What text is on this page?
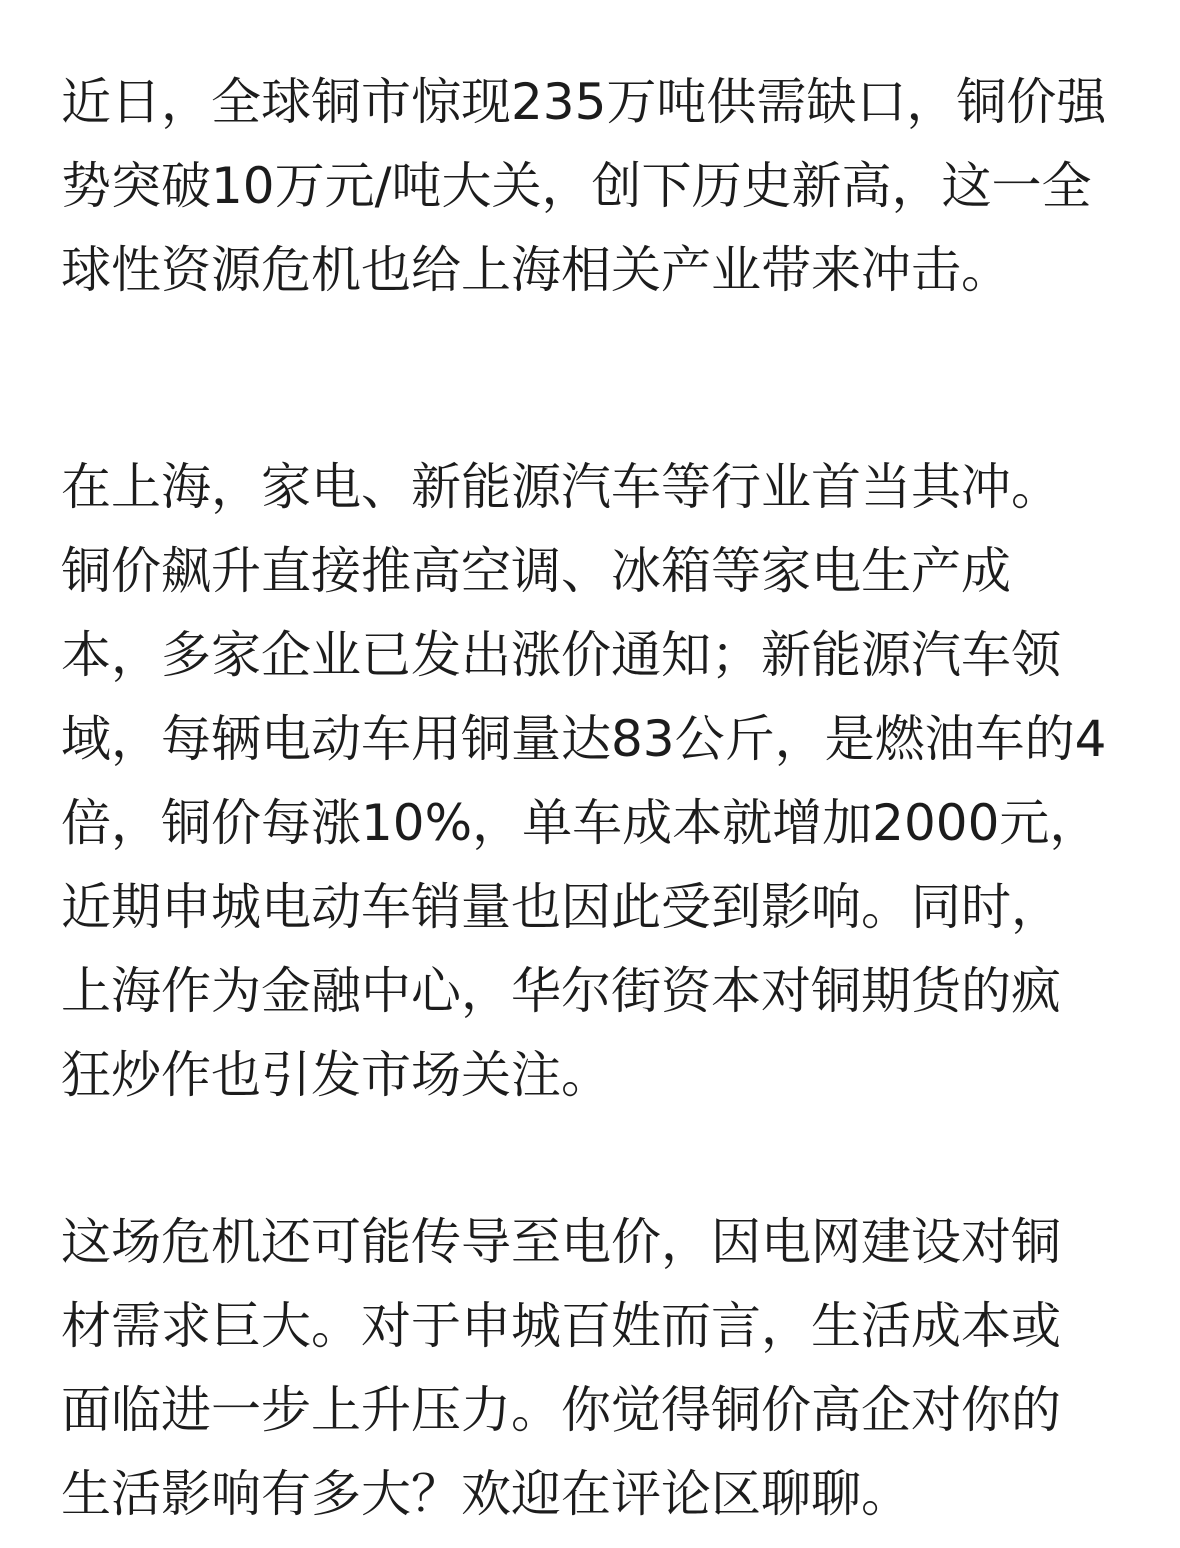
近日，全球铜市惊现235万吨供需缺口，铜价强
势突破10万元/吨大关，创下历史新高，这一全
球性资源危机也给上海相关产业带来冲击。
在上海，家电、新能源汽车等行业首当其冲。
铜价飙升直接推高空调、冰箱等家电生产成
本，多家企业已发出涨价通知；新能源汽车领
域，每辆电动车用铜量达83公斤，是燃油车的4
倍，铜价每涨10%，单车成本就增加2000元，
近期申城电动车销量也因此受到影响。同时，
上海作为金融中心，华尔街资本对铜期货的疯
狂炒作也引发市场关注。
这场危机还可能传导至电价，因电网建设对铜
材需求巨大。对于申城百姓而言，生活成本或
面临进一步上升压力。你觉得铜价高企对你的
生活影响有多大？欢迎在评论区聊聊。
